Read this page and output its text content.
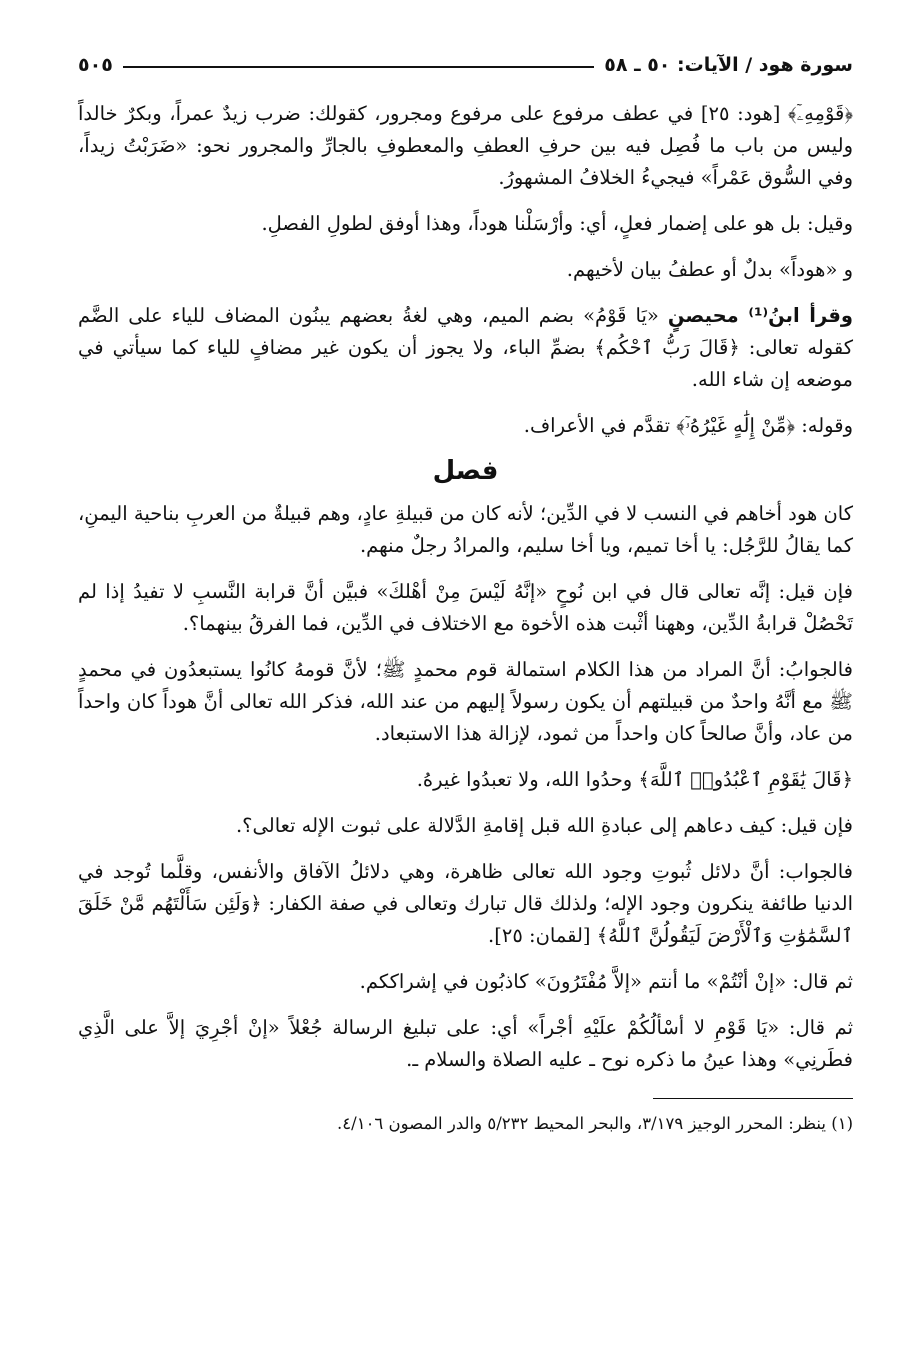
سورة هود / الآيات: ٥٠ ـ ٥٨
٥٠٥

﴿قَوْمِهِۦٓ﴾ [هود: ٢٥] في عطف مرفوع على مرفوع ومجرور، كقولك: ضرب زيدٌ عمراً، وبكرٌ خالداً وليس من باب ما فُصِل فيه بين حرفِ العطفِ والمعطوفِ بالجارِّ والمجرور نحو: «ضَرَبْتُ زيداً، وفي السُّوق عَمْراً» فيجيءُ الخلافُ المشهورُ.

وقيل: بل هو على إضمار فعلٍ، أي: وأرْسَلْنا هوداً، وهذا أوفق لطولِ الفصلِ.

و «هوداً» بدلٌ أو عطفُ بيان لأخيهم.

وقرأ ابنُ⁽¹⁾ محيصنٍ «يَا قَوْمُ» بضم الميم، وهي لغةُ بعضهم يبنُون المضاف للياء على الضَّم كقوله تعالى: ﴿قَالَ رَبُّ ٱحْكُم﴾ بضمِّ الباء، ولا يجوز أن يكون غير مضافٍ للياء كما سيأتي في موضعه إن شاء الله.

وقوله: ﴿مِّنْ إِلَٰهٍ غَيْرُهُۥٓ﴾ تقدَّم في الأعراف.

فصل

كان هود أخاهم في النسب لا في الدِّين؛ لأنه كان من قبيلةِ عادٍ، وهم قبيلةٌ من العربِ بناحية اليمنِ، كما يقالُ للرَّجُل: يا أخا تميم، ويا أخا سليم، والمرادُ رجلٌ منهم.

فإن قيل: إنَّه تعالى قال في ابن نُوحٍ «إنَّهُ لَيْسَ مِنْ أهْلكَ» فبيَّن أنَّ قرابة النَّسبِ لا تفيدُ إذا لم تَحْصُلْ قرابةُ الدِّين، وههنا أثْبت هذه الأخوة مع الاختلاف في الدِّين، فما الفرقُ بينهما؟.

فالجوابُ: أنَّ المراد من هذا الكلام استمالة قوم محمدٍ ﷺ؛ لأنَّ قومهُ كانُوا يستبعدُون في محمدٍ ﷺ مع أنَّهُ واحدٌ من قبيلتهم أن يكون رسولاً إليهم من عند الله، فذكر الله تعالى أنَّ هوداً كان واحداً من عاد، وأنَّ صالحاً كان واحداً من ثمود، لإزالة هذا الاستبعاد.

﴿قَالَ يَٰقَوْمِ ٱعْبُدُوا۟ ٱللَّهَ﴾ وحدُوا الله، ولا تعبدُوا غيرهُ.

فإن قيل: كيف دعاهم إلى عبادةِ الله قبل إقامةِ الدَّلالة على ثبوت الإله تعالى؟.

فالجواب: أنَّ دلائل ثُبوتِ وجود الله تعالى ظاهرة، وهي دلائلُ الآفاق والأنفس، وقلَّما تُوجد في الدنيا طائفة ينكرون وجود الإله؛ ولذلك قال تبارك وتعالى في صفة الكفار: ﴿وَلَئِن سَأَلْتَهُم مَّنْ خَلَقَ ٱلسَّمَٰوَٰتِ وَٱلْأَرْضَ لَيَقُولُنَّ ٱللَّهُ﴾ [لقمان: ٢٥].

ثم قال: «إنْ أنْتُمْ» ما أنتم «إلاَّ مُفْتَرُونَ» كاذبُون في إشراككم.

ثم قال: «يَا قَوْمِ لا أسْألُكُمْ علَيْهِ أجْراً» أي: على تبليغ الرسالة جُعْلاً «إنْ أجْرِيَ إلاَّ على الَّذِي فطَرنِي» وهذا عينُ ما ذكره نوح ـ عليه الصلاة والسلام ـ.

(١) ينظر: المحرر الوجيز ٣/١٧٩، والبحر المحيط ٥/٢٣٢ والدر المصون ٤/١٠٦.
